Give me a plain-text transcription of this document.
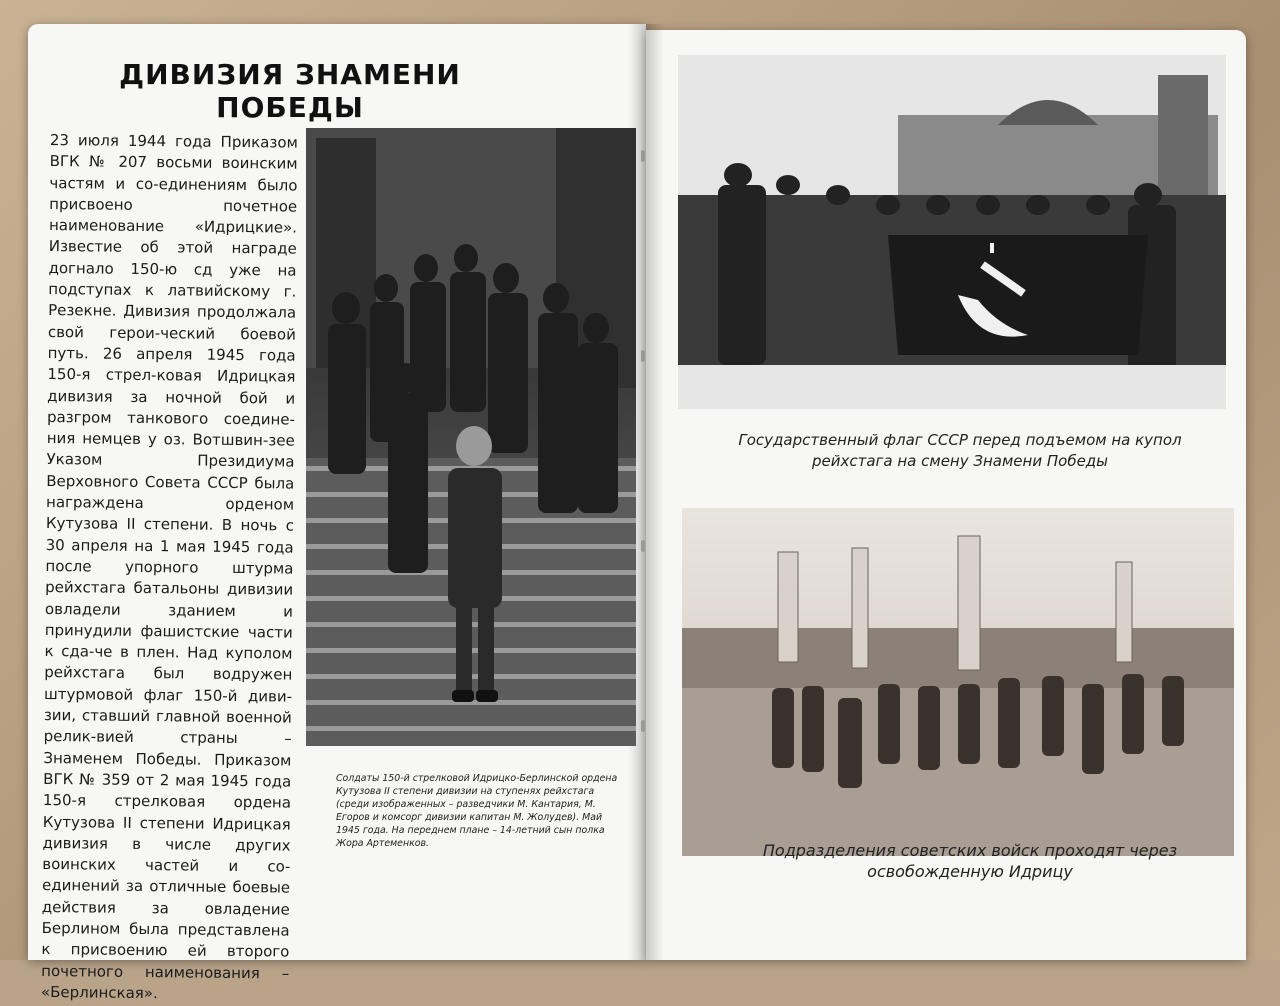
ДИВИЗИЯ ЗНАМЕНИ ПОБЕДЫ
23 июля 1944 года Приказом ВГК № 207 восьми воинским частям и со-единениям было присвоено почетное наименование «Идрицкие». Известие об этой награде догнало 150-ю сд уже на подступах к латвийскому г. Резекне. Дивизия продолжала свой герои-ческий боевой путь. 26 апреля 1945 года 150-я стрел-ковая Идрицкая дивизия за ночной бой и разгром танкового соедине-ния немцев у оз. Вотшвин-зее Указом Президиума Верховного Совета СССР была награждена орденом Кутузова II степени. В ночь с 30 апреля на 1 мая 1945 года после упорного штурма рейхстага батальоны дивизии овладели зданием и принудили фашистские части к сда-че в плен. Над куполом рейхстага был водружен штурмовой флаг 150-й диви-зии, ставший главной военной релик-вией страны – Знаменем Победы. Приказом ВГК № 359 от 2 мая 1945 года 150-я стрелковая ордена Кутузова II степени Идрицкая дивизия в числе других воинских частей и со-единений за отличные боевые действия за овладение Берлином была представлена к присвоению ей второго почетного наименования – «Берлинская».
Солдаты 150-й стрелковой Идрицко-Берлинской ордена Кутузова II степени дивизии на ступенях рейхстага (среди изображенных – разведчики М. Кантария, М. Егоров и комсорг дивизии капитан М. Жолудев). Май 1945 года. На переднем плане – 14-летний сын полка Жора Артеменков.
Государственный флаг СССР перед подъемом на купол рейхстага на смену Знамени Победы
Подразделения советских войск проходят через освобожденную Идрицу
